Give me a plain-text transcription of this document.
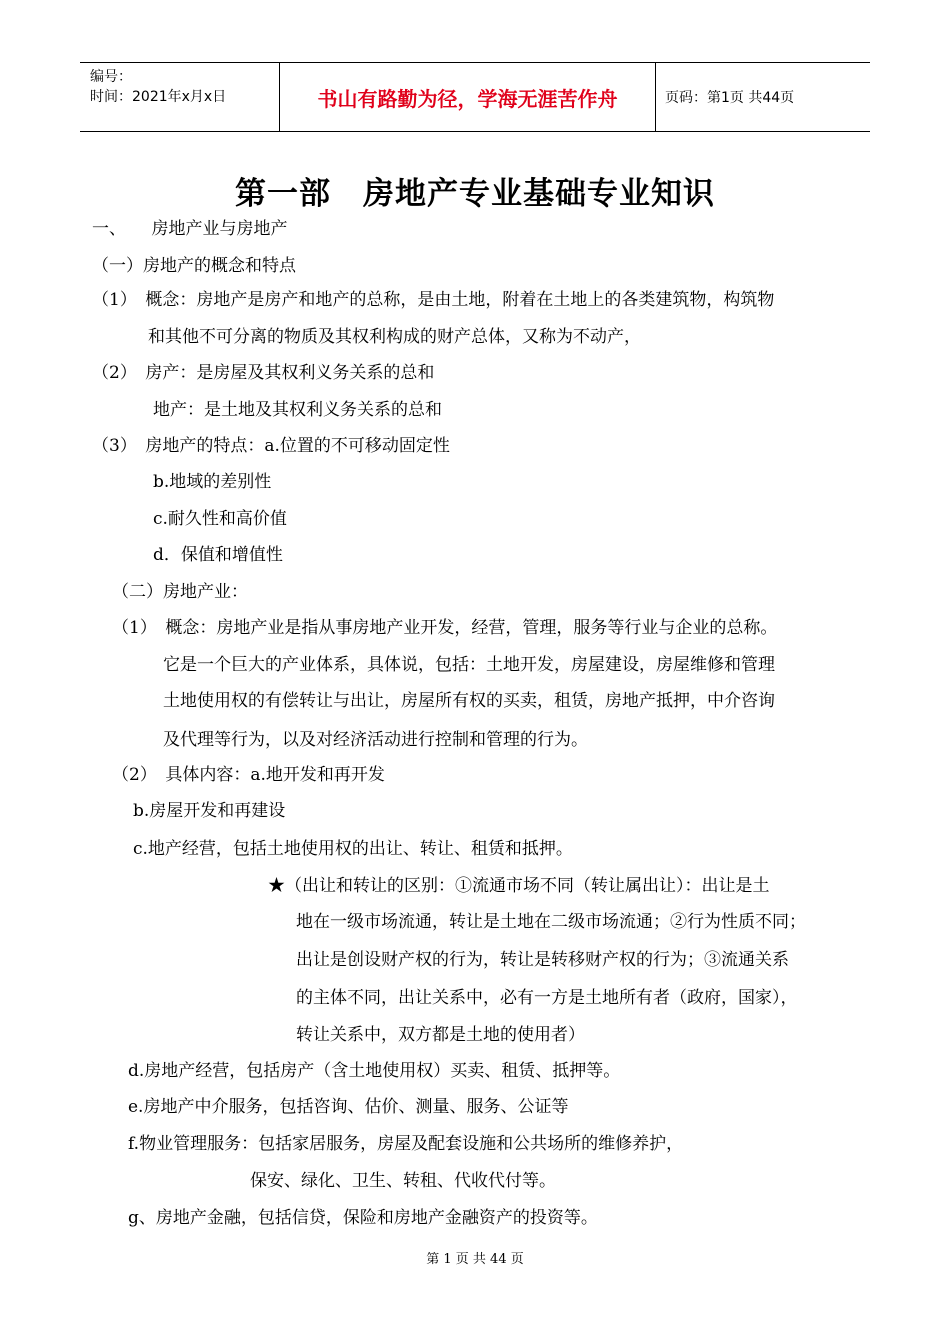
编号：
时间：2021年x月x日	书山有路勤为径，学海无涯苦作舟	页码：第1页 共44页
第一部　房地产专业基础专业知识
一、　　房地产业与房地产
（一）房地产的概念和特点
（1）　概念：房地产是房产和地产的总称，是由土地，附着在土地上的各类建筑物，构筑物
和其他不可分离的物质及其权利构成的财产总体，又称为不动产，
（2）　房产：是房屋及其权利义务关系的总和
地产：是土地及其权利义务关系的总和
（3）　房地产的特点：a.位置的不可移动固定性
b.地域的差别性
c.耐久性和高价值
d．保值和增值性
（二）房地产业：
（1）　概念：房地产业是指从事房地产业开发，经营，管理，服务等行业与企业的总称。
它是一个巨大的产业体系，具体说，包括：土地开发，房屋建设，房屋维修和管理
土地使用权的有偿转让与出让，房屋所有权的买卖，租赁，房地产抵押，中介咨询
及代理等行为，以及对经济活动进行控制和管理的行为。
（2）　具体内容：a.地开发和再开发
b.房屋开发和再建设
c.地产经营，包括土地使用权的出让、转让、租赁和抵押。
★（出让和转让的区别：①流通市场不同（转让属出让）：出让是土
地在一级市场流通，转让是土地在二级市场流通；②行为性质不同；
出让是创设财产权的行为，转让是转移财产权的行为；③流通关系
的主体不同，出让关系中，必有一方是土地所有者（政府，国家），
转让关系中，双方都是土地的使用者）
d.房地产经营，包括房产（含土地使用权）买卖、租赁、抵押等。
e.房地产中介服务，包括咨询、估价、测量、服务、公证等
f.物业管理服务：包括家居服务，房屋及配套设施和公共场所的维修养护，
保安、绿化、卫生、转租、代收代付等。
g、房地产金融，包括信贷，保险和房地产金融资产的投资等。
第 1 页 共 44 页
